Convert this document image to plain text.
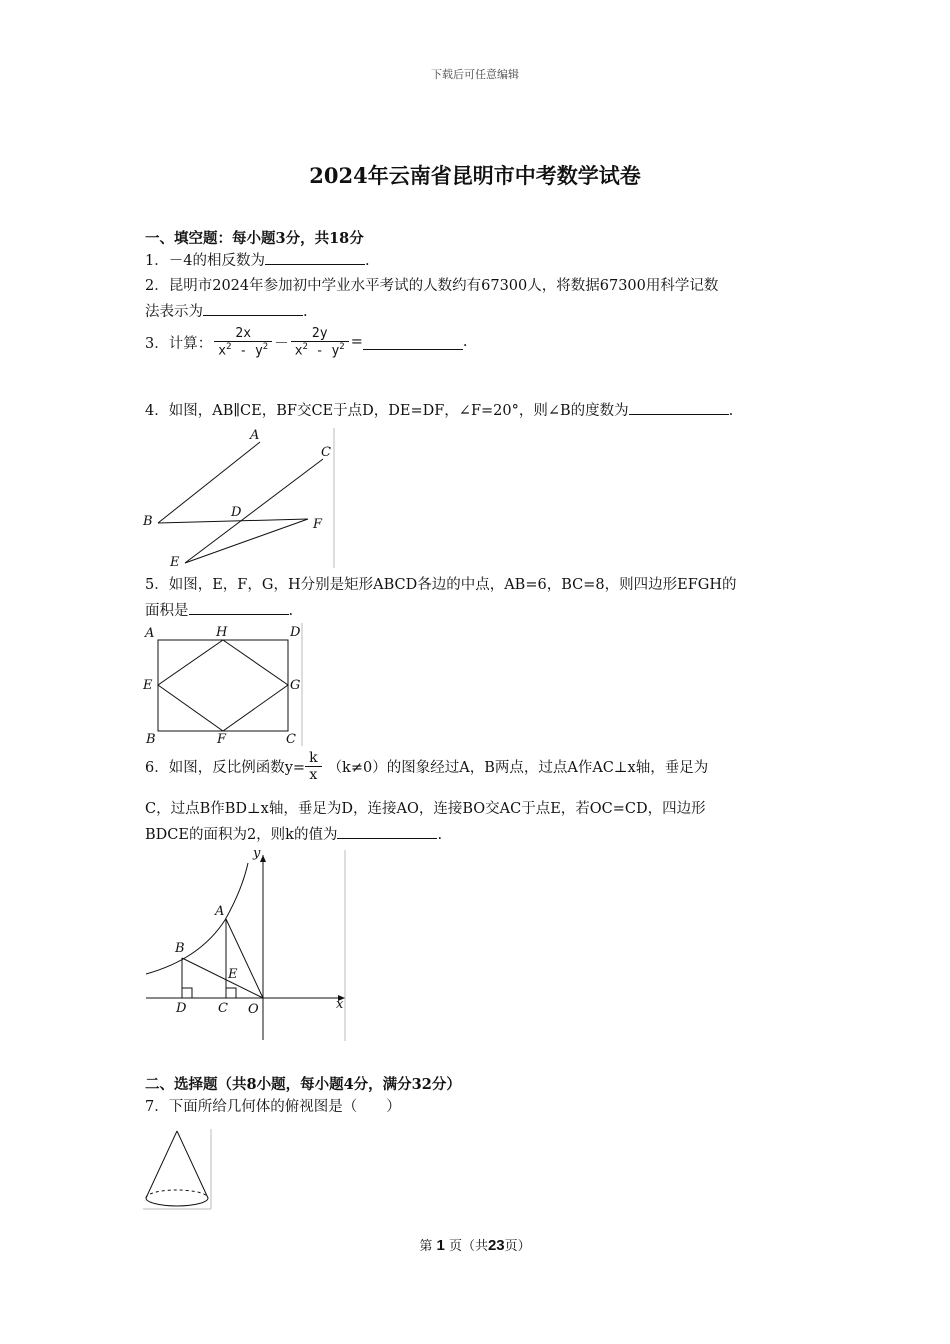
下载后可任意编辑
2024年云南省昆明市中考数学试卷
一、填空题：每小题3分，共18分
1．－4的相反数为	.
2．昆明市2024年参加初中学业水平考试的人数约有67300人，将数据67300用科学记数
法表示为	.
3．计算： $\frac{2x}{x^2 - y^2} - \frac{2y}{x^2 - y^2}$ =	.
4．如图，AB∥CE，BF交CE于点D，DE=DF，∠F=20°，则∠B的度数为	.
A
C
B
D
F
E
5．如图，E，F，G，H分别是矩形ABCD各边的中点，AB=6，BC=8，则四边形EFGH的
面积是	.
A	H	D
E	G
B	F	C
6．如图，反比例函数$y= \frac{k}{x} (k\ne 0)$的图象经过A，B两点，过点A作AC⊥x轴，垂足为
C，过点B作BD⊥x轴，垂足为D，连接AO，连接BO交AC于点E，若OC=CD，四边形
BDCE的面积为2，则k的值为	.
y
A
B
E
D C O	x
二、选择题（共8小题，每小题4分，满分32分）
7．下面所给几何体的俯视图是（　　）
第 1 页（共23页）
